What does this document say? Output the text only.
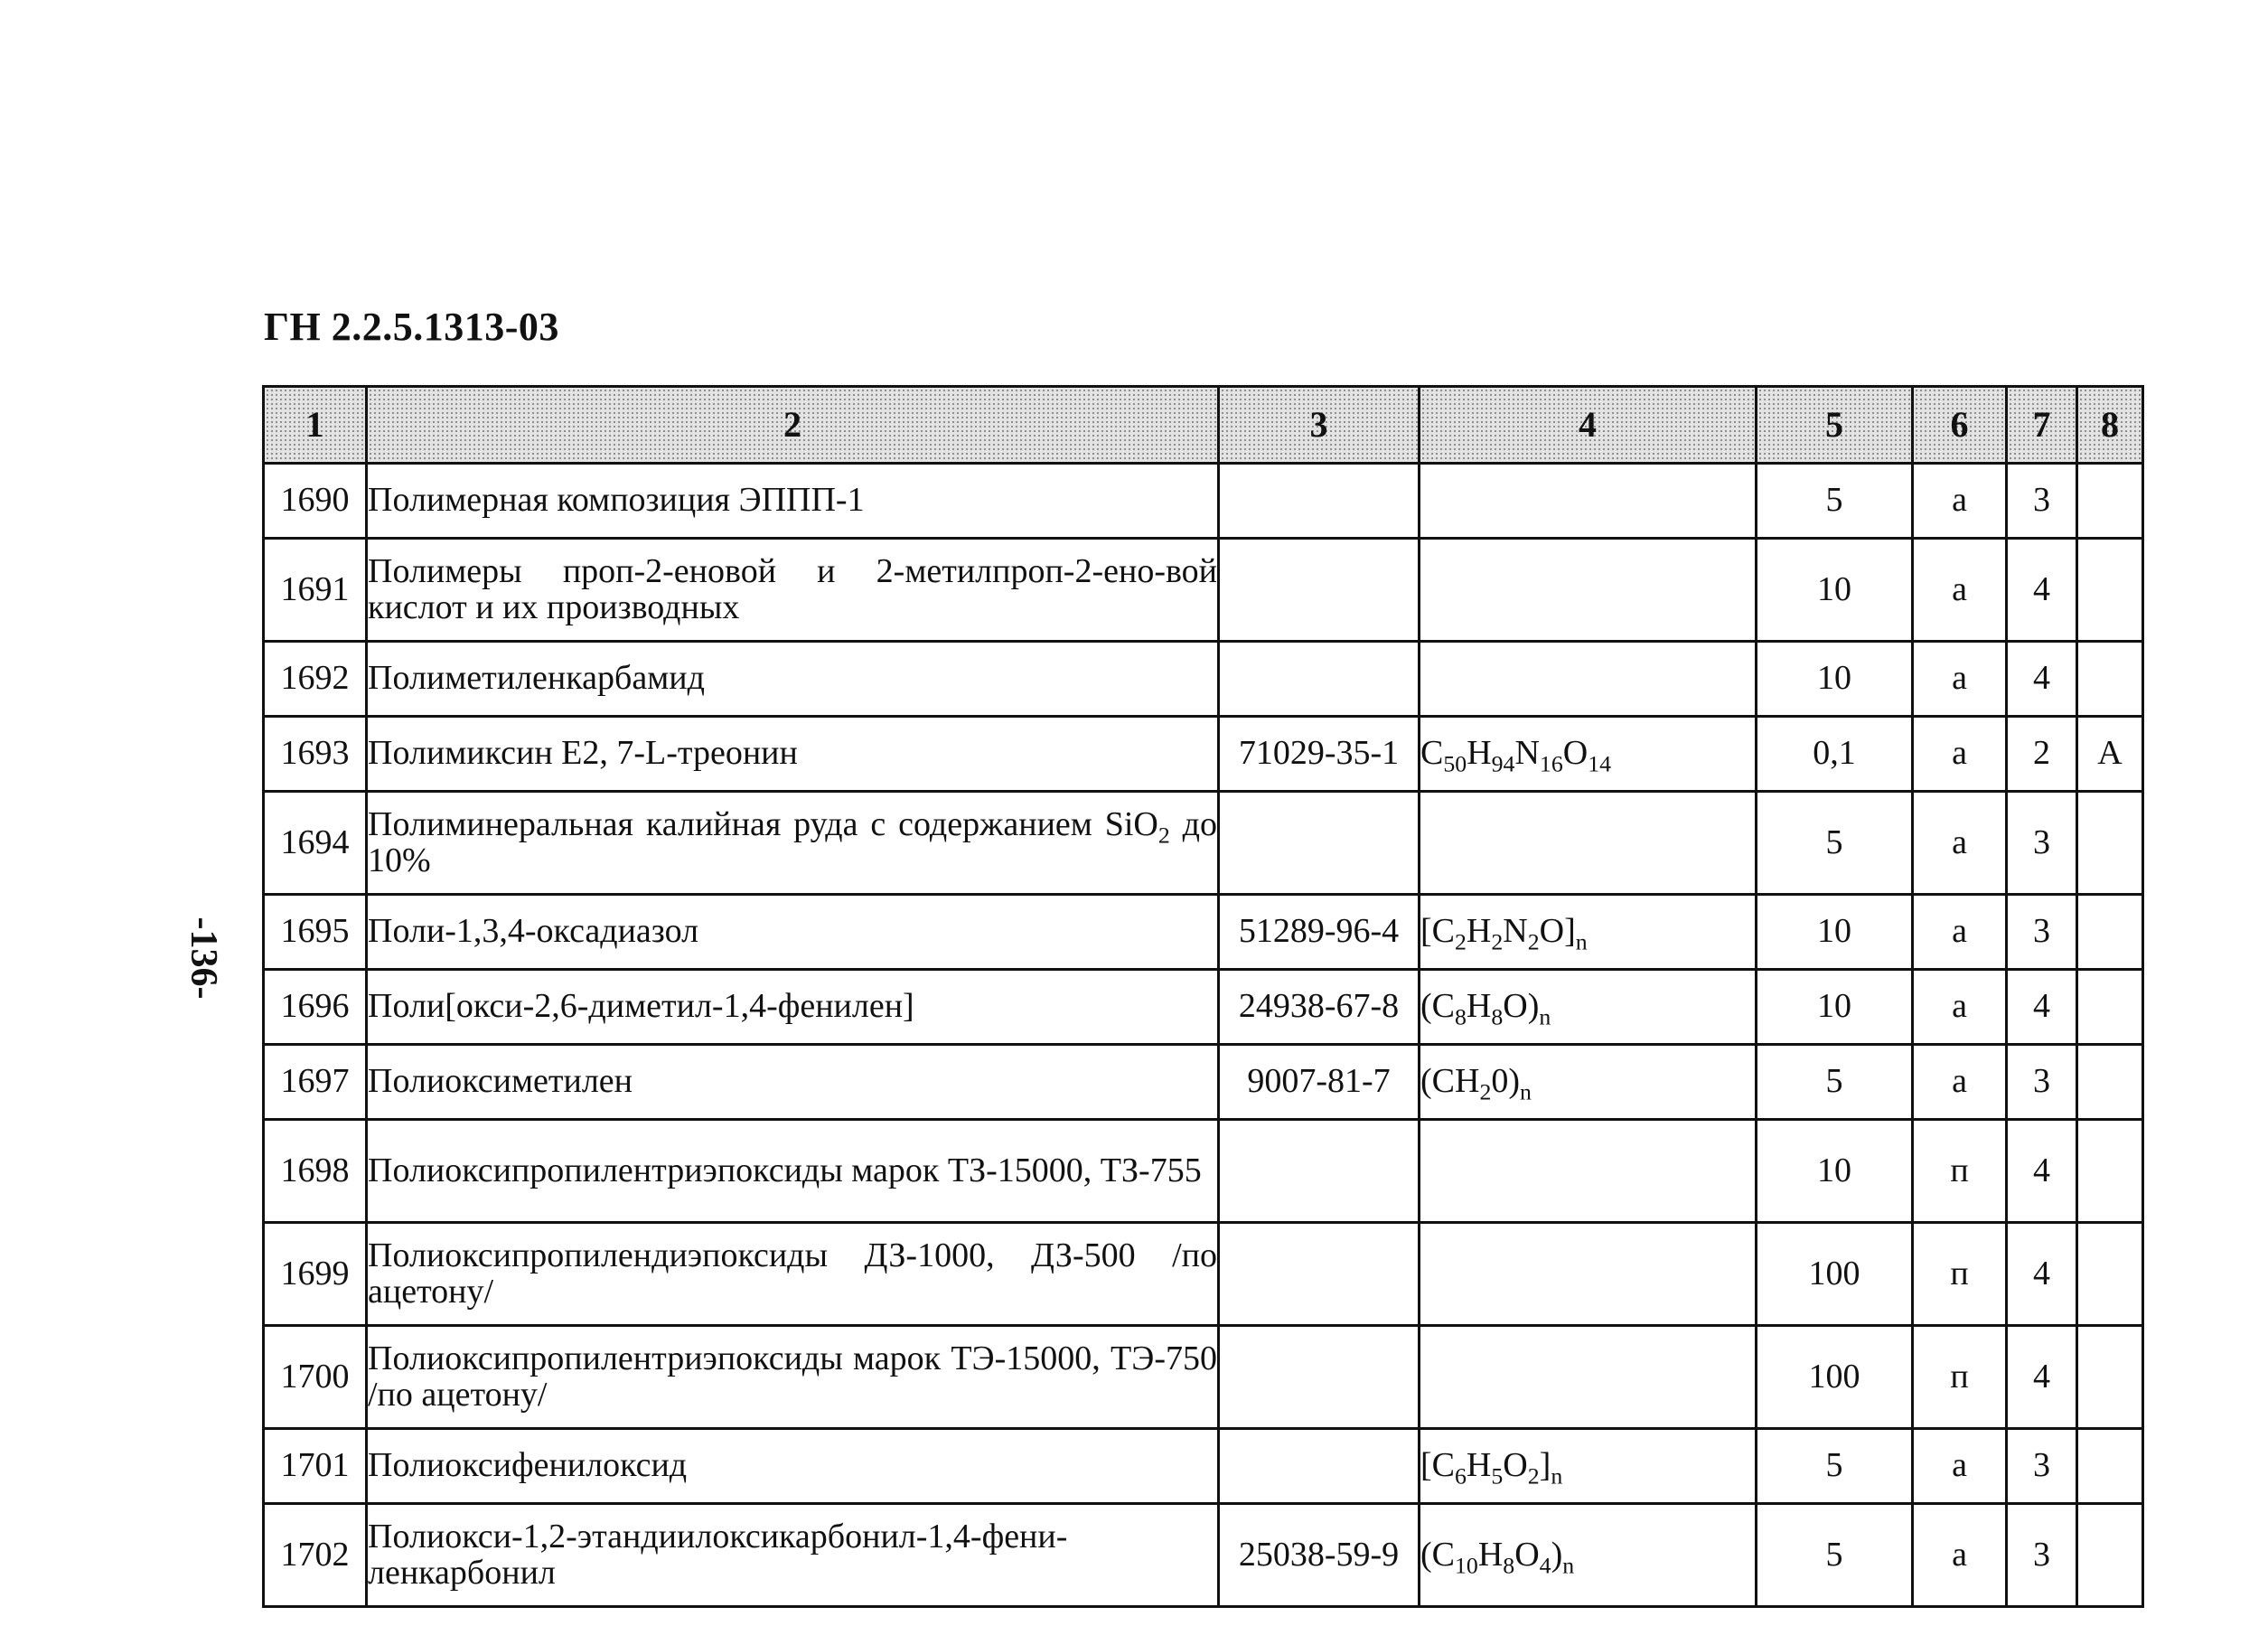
ГН 2.2.5.1313-03
-136-
1	2	3	4	5	6	7	8
1690	Полимерная композиция ЭППП-1			5	а	3	
1691	Полимеры проп-2-еновой и 2-метилпроп-2-ено-вой кислот и их производных			10	а	4	
1692	Полиметиленкарбамид			10	а	4	
1693	Полимиксин E2, 7-L-треонин	71029-35-1	$C_{50}H_{94}N_{16}O_{14}$	0,1	а	2	А
1694	Полиминеральная калийная руда с содержанием SiO$_2$ до 10%			5	а	3	
1695	Поли-1,3,4-оксадиазол	51289-96-4	$[C_2H_2N_2O]_n$	10	а	3	
1696	Поли[окси-2,6-диметил-1,4-фенилен]	24938-67-8	$(C_8H_8O)_n$	10	а	4	
1697	Полиоксиметилен	9007-81-7	$(CH_20)_n$	5	а	3	
1698	Полиоксипропилентриэпоксиды марок ТЗ-15000, ТЗ-755			10	п	4	
1699	Полиоксипропилендиэпоксиды ДЗ-1000, ДЗ-500 /по ацетону/			100	п	4	
1700	Полиоксипропилентриэпоксиды марок ТЭ-15000, ТЭ-750 /по ацетону/			100	п	4	
1701	Полиоксифенилоксид		$[C_6H_5O_2]_n$	5	а	3	
1702	Полиокси-1,2-этандиилоксикарбонил-1,4-фени-ленкарбонил	25038-59-9	$(C_{10}H_8O_4)_n$	5	а	3	
